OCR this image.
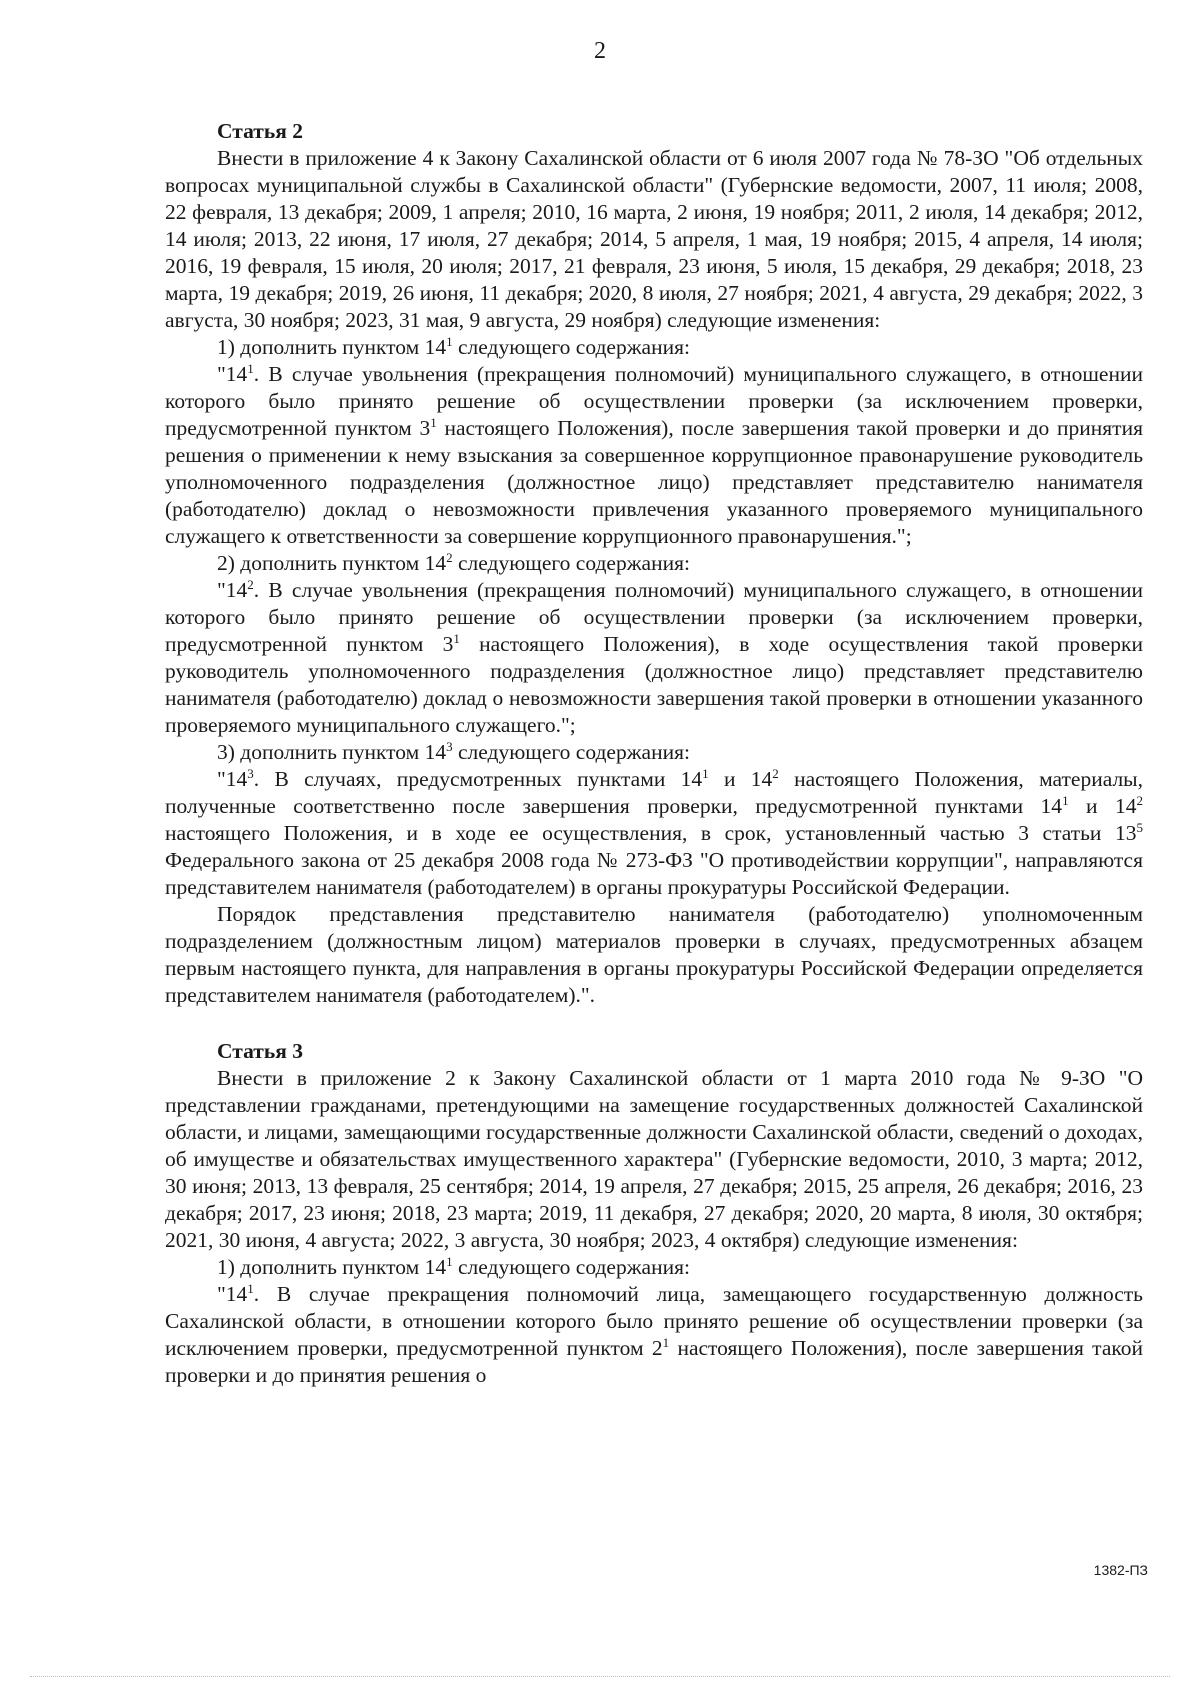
2

Статья 2

Внести в приложение 4 к Закону Сахалинской области от 6 июля 2007 года № 78-ЗО "Об отдельных вопросах муниципальной службы в Сахалинской области" (Губернские ведомости, 2007, 11 июля; 2008, 22 февраля, 13 декабря; 2009, 1 апреля; 2010, 16 марта, 2 июня, 19 ноября; 2011, 2 июля, 14 декабря; 2012, 14 июля; 2013, 22 июня, 17 июля, 27 декабря; 2014, 5 апреля, 1 мая, 19 ноября; 2015, 4 апреля, 14 июля; 2016, 19 февраля, 15 июля, 20 июля; 2017, 21 февраля, 23 июня, 5 июля, 15 декабря, 29 декабря; 2018, 23 марта, 19 декабря; 2019, 26 июня, 11 декабря; 2020, 8 июля, 27 ноября; 2021, 4 августа, 29 декабря; 2022, 3 августа, 30 ноября; 2023, 31 мая, 9 августа, 29 ноября) следующие изменения:

1) дополнить пунктом $14^1$ следующего содержания:

"$14^1$. В случае увольнения (прекращения полномочий) муниципального служащего, в отношении которого было принято решение об осуществлении проверки (за исключением проверки, предусмотренной пунктом $3^1$ настоящего Положения), после завершения такой проверки и до принятия решения о применении к нему взыскания за совершенное коррупционное правонарушение руководитель уполномоченного подразделения (должностное лицо) представляет представителю нанимателя (работодателю) доклад о невозможности привлечения указанного проверяемого муниципального служащего к ответственности за совершение коррупционного правонарушения.";

2) дополнить пунктом $14^2$ следующего содержания:

"$14^2$. В случае увольнения (прекращения полномочий) муниципального служащего, в отношении которого было принято решение об осуществлении проверки (за исключением проверки, предусмотренной пунктом $3^1$ настоящего Положения), в ходе осуществления такой проверки руководитель уполномоченного подразделения (должностное лицо) представляет представителю нанимателя (работодателю) доклад о невозможности завершения такой проверки в отношении указанного проверяемого муниципального служащего.";

3) дополнить пунктом $14^3$ следующего содержания:

"$14^3$. В случаях, предусмотренных пунктами $14^1$ и $14^2$ настоящего Положения, материалы, полученные соответственно после завершения проверки, предусмотренной пунктами $14^1$ и $14^2$ настоящего Положения, и в ходе ее осуществления, в срок, установленный частью 3 статьи $13^5$ Федерального закона от 25 декабря 2008 года № 273-ФЗ "О противодействии коррупции", направляются представителем нанимателя (работодателем) в органы прокуратуры Российской Федерации.

Порядок представления представителю нанимателя (работодателю) уполномоченным подразделением (должностным лицом) материалов проверки в случаях, предусмотренных абзацем первым настоящего пункта, для направления в органы прокуратуры Российской Федерации определяется представителем нанимателя (работодателем).".

Статья 3

Внести в приложение 2 к Закону Сахалинской области от 1 марта 2010 года № 9-ЗО "О представлении гражданами, претендующими на замещение государственных должностей Сахалинской области, и лицами, замещающими государственные должности Сахалинской области, сведений о доходах, об имуществе и обязательствах имущественного характера" (Губернские ведомости, 2010, 3 марта; 2012, 30 июня; 2013, 13 февраля, 25 сентября; 2014, 19 апреля, 27 декабря; 2015, 25 апреля, 26 декабря; 2016, 23 декабря; 2017, 23 июня; 2018, 23 марта; 2019, 11 декабря, 27 декабря; 2020, 20 марта, 8 июля, 30 октября; 2021, 30 июня, 4 августа; 2022, 3 августа, 30 ноября; 2023, 4 октября) следующие изменения:

1) дополнить пунктом $14^1$ следующего содержания:

"$14^1$. В случае прекращения полномочий лица, замещающего государственную должность Сахалинской области, в отношении которого было принято решение об осуществлении проверки (за исключением проверки, предусмотренной пунктом $2^1$ настоящего Положения), после завершения такой проверки и до принятия решения о

1382-ПЗ
